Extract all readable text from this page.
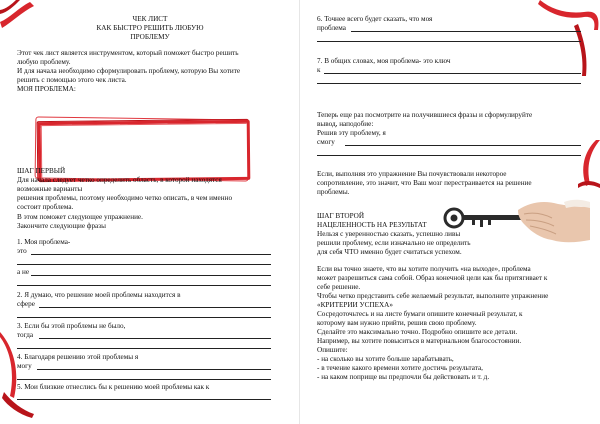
ЧЕК ЛИСТ
КАК БЫСТРО РЕШИТЬ ЛЮБУЮ
ПРОБЛЕМУ
Этот чек лист является инструментом, который поможет быстро решить
любую проблему.
И для начала необходимо сформулировать проблему, которую Вы хотите
решить с помощью этого чек листа.
МОЯ ПРОБЛЕМА:
ШАГ ПЕРВЫЙ
Для начала следует четко определить область, в которой находятся
возможные варианты
решения проблемы, поэтому необходимо четко описать, в чем именно
состоит проблема.
В этом поможет следующее упражнение.
Закончите следующие фразы
1. Моя проблема-
это
а не
2. Я думаю, что решение моей проблемы находится в
сфере
3. Если бы этой проблемы не было,
тогда
4. Благодаря решению этой проблемы я
могу
5. Мои близкие отнеслись бы к решению моей проблемы как к
6. Точнее всего будет сказать, что моя
проблема
7. В общих словах, моя проблема- это ключ
к
Теперь еще раз посмотрите на получившиеся фразы и сформулируйте
вывод, наподобие:
Решив эту проблему, я
смогу
Если, выполняя это упражнение Вы почувствовали некоторое
сопротивление, это значит, что Ваш мозг перестраивается на решение
проблемы.
ШАГ ВТОРОЙ
НАЦЕЛЕННОСТЬ НА РЕЗУЛЬТАТ
Нельзя с уверенностью сказать, успешно ливы
решили проблему, если изначально не определить
для себя ЧТО именно будет считаться успехом.
Если вы точно знаете, что вы хотите получить «на выходе», проблема
может разрешиться сама собой. Образ конечной цели как бы притягивает к
себе решение.
Чтобы четко представить себе желаемый результат, выполните упражнение
«КРИТЕРИИ УСПЕХА»
Сосредоточьтесь и на листе бумаги опишите конечный результат, к
которому вам нужно прийти, решив свою проблему.
Сделайте это максимально точно. Подробно опишите все детали.
Например, вы хотите повыситься в материальном благосостоянии.
Опишите:
- на сколько вы хотите больше зарабатывать,
- в течение какого времени хотите достичь результата,
- на каком поприще вы предпочли бы действовать и т. д.
